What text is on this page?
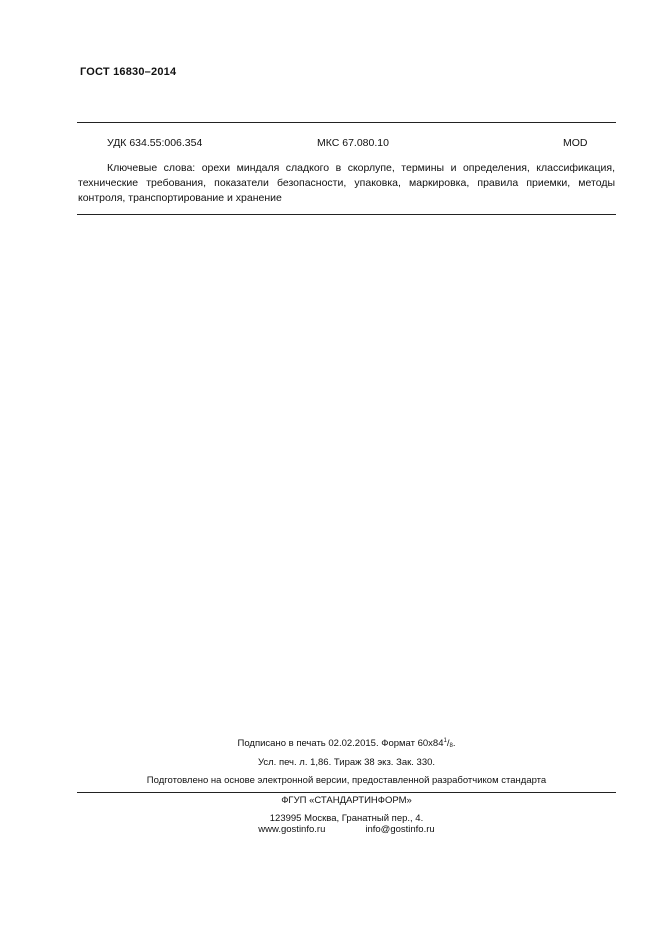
ГОСТ 16830–2014
УДК 634.55:006.354	МКС 67.080.10	MOD

Ключевые слова: орехи миндаля сладкого в скорлупе, термины и определения, классификация, технические требования, показатели безопасности, упаковка, маркировка, правила приемки, методы контроля, транспортирование и хранение

Подписано в печать 02.02.2015. Формат $60х84^1/_8$.
Усл. печ. л. 1,86. Тираж 38 экз. Зак. 330.
Подготовлено на основе электронной версии, предоставленной разработчиком стандарта
ФГУП «СТАНДАРТИНФОРМ»
123995 Москва, Гранатный пер., 4.
www.gostinfo.ru	info@gostinfo.ru
